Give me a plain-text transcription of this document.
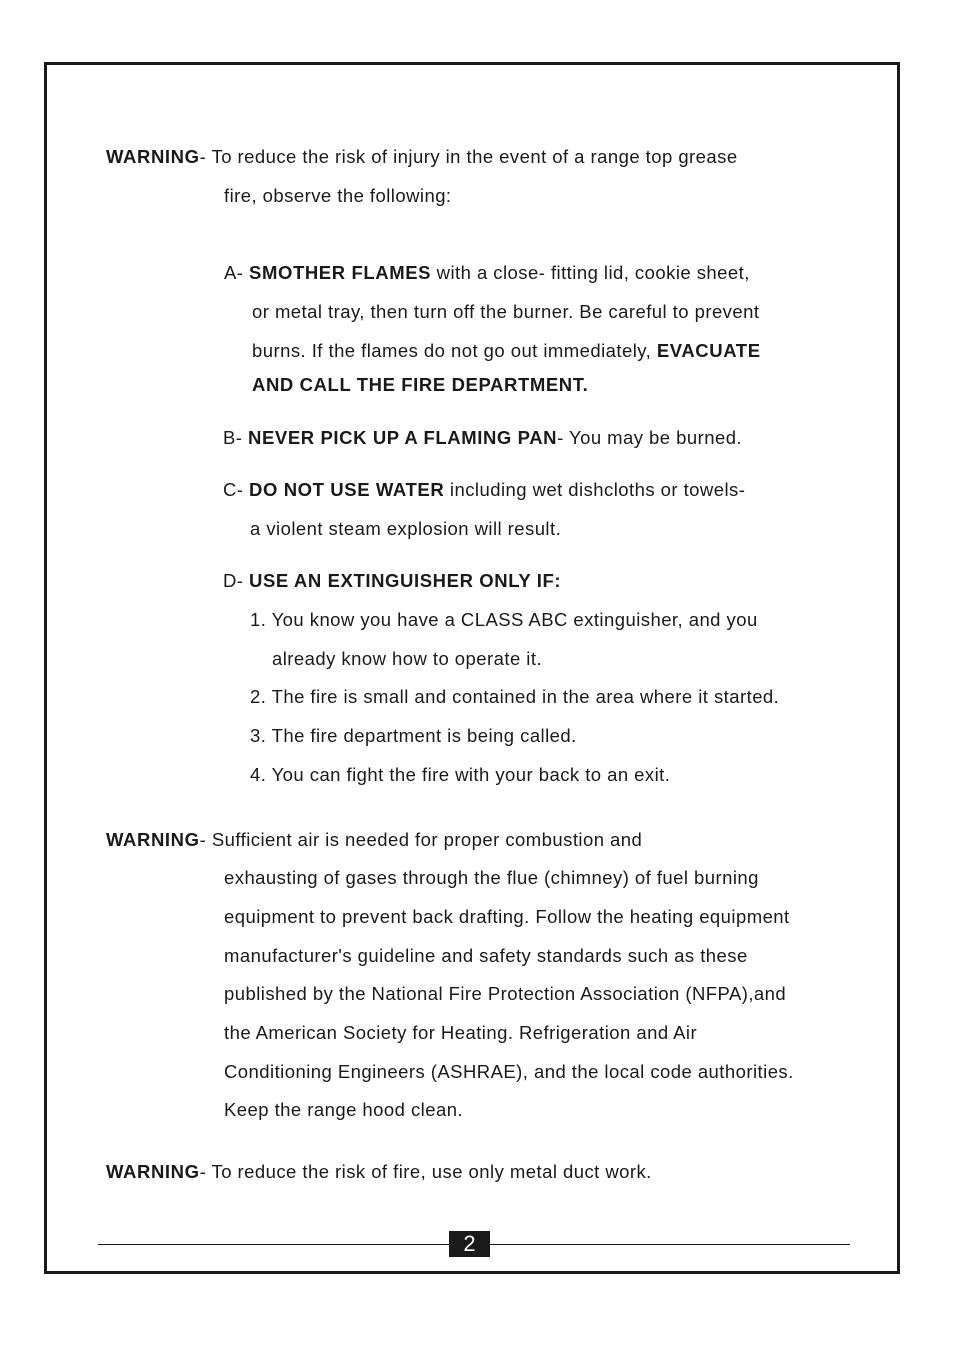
WARNING- To reduce the risk of injury in the event of a range top grease
fire, observe the following:
A- SMOTHER FLAMES with a close- fitting lid, cookie sheet,
or metal tray, then turn off the burner. Be careful to prevent
burns. If the flames do not go out immediately, EVACUATE
AND CALL THE FIRE DEPARTMENT.
B- NEVER PICK UP A FLAMING PAN- You may be burned.
C- DO NOT USE WATER including wet dishcloths or towels-
a violent steam explosion will result.
D- USE AN EXTINGUISHER ONLY IF:
1. You know you have a CLASS ABC extinguisher, and you
already know how to operate it.
2. The fire is small and contained in the area where it started.
3. The fire department is being called.
4. You can fight the fire with your back to an exit.
WARNING- Sufficient air is needed for proper combustion and
exhausting of gases through the flue (chimney) of fuel burning
equipment to prevent back drafting. Follow the heating equipment
manufacturer's guideline and safety standards such as these
published by the National Fire Protection Association (NFPA),and
the American Society for Heating. Refrigeration and Air
Conditioning Engineers (ASHRAE), and the local code authorities.
Keep the range hood clean.
WARNING- To reduce the risk of fire, use only metal duct work.
2
